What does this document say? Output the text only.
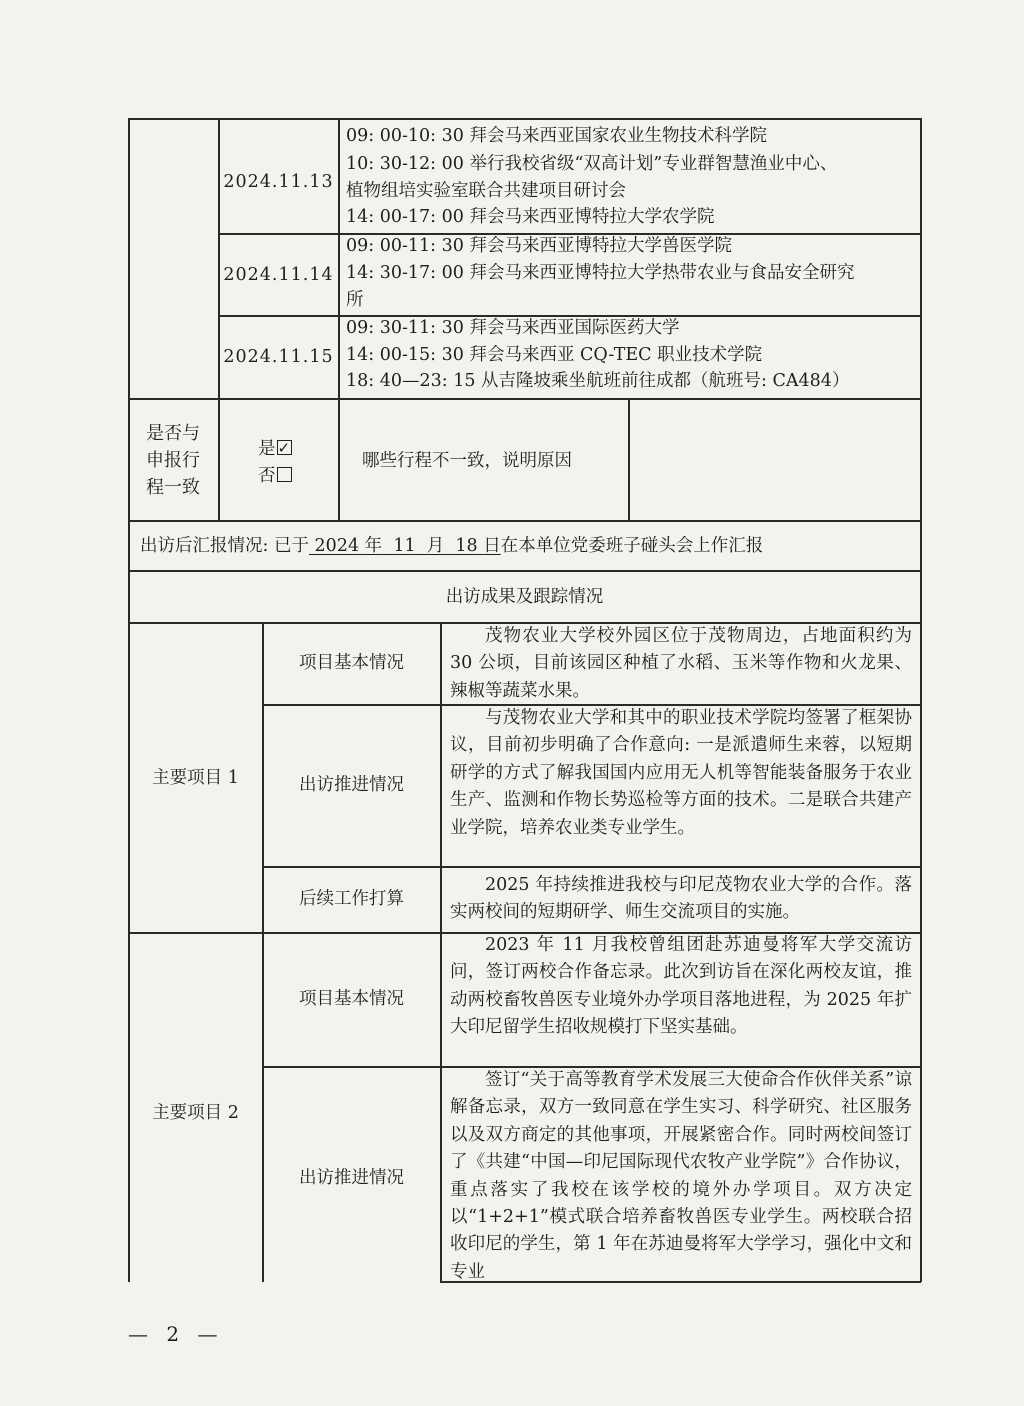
2024.11.13
09: 00-10: 30 拜会马来西亚国家农业生物技术科学院
10: 30-12: 00 举行我校省级“双高计划”专业群智慧渔业中心、
植物组培实验室联合共建项目研讨会
14: 00-17: 00 拜会马来西亚博特拉大学农学院
2024.11.14
09: 00-11: 30 拜会马来西亚博特拉大学兽医学院
14: 30-17: 00 拜会马来西亚博特拉大学热带农业与食品安全研究
所
2024.11.15
09: 30-11: 30 拜会马来西亚国际医药大学
14: 00-15: 30 拜会马来西亚 CQ-TEC 职业技术学院
18: 40—23: 15 从吉隆坡乘坐航班前往成都（航班号: CA484）
是否与申报行程一致
是✓
否
哪些行程不一致，说明原因
出访后汇报情况: 已于 2024 年 11 月 18 日在本单位党委班子碰头会上作汇报
出访成果及跟踪情况
主要项目 1
项目基本情况
茂物农业大学校外园区位于茂物周边，占地面积约为 30 公顷，目前该园区种植了水稻、玉米等作物和火龙果、辣椒等蔬菜水果。
出访推进情况
与茂物农业大学和其中的职业技术学院均签署了框架协议，目前初步明确了合作意向: 一是派遣师生来蓉，以短期研学的方式了解我国国内应用无人机等智能装备服务于农业生产、监测和作物长势巡检等方面的技术。二是联合共建产业学院，培养农业类专业学生。
后续工作打算
2025 年持续推进我校与印尼茂物农业大学的合作。落实两校间的短期研学、师生交流项目的实施。
主要项目 2
项目基本情况
2023 年 11 月我校曾组团赴苏迪曼将军大学交流访问，签订两校合作备忘录。此次到访旨在深化两校友谊，推动两校畜牧兽医专业境外办学项目落地进程，为 2025 年扩大印尼留学生招收规模打下坚实基础。
出访推进情况
签订“关于高等教育学术发展三大使命合作伙伴关系”谅解备忘录，双方一致同意在学生实习、科学研究、社区服务以及双方商定的其他事项，开展紧密合作。同时两校间签订了《共建“中国—印尼国际现代农牧产业学院”》合作协议，重点落实了我校在该学校的境外办学项目。双方决定以“1+2+1”模式联合培养畜牧兽医专业学生。两校联合招收印尼的学生，第 1 年在苏迪曼将军大学学习，强化中文和专业
— 2 —
